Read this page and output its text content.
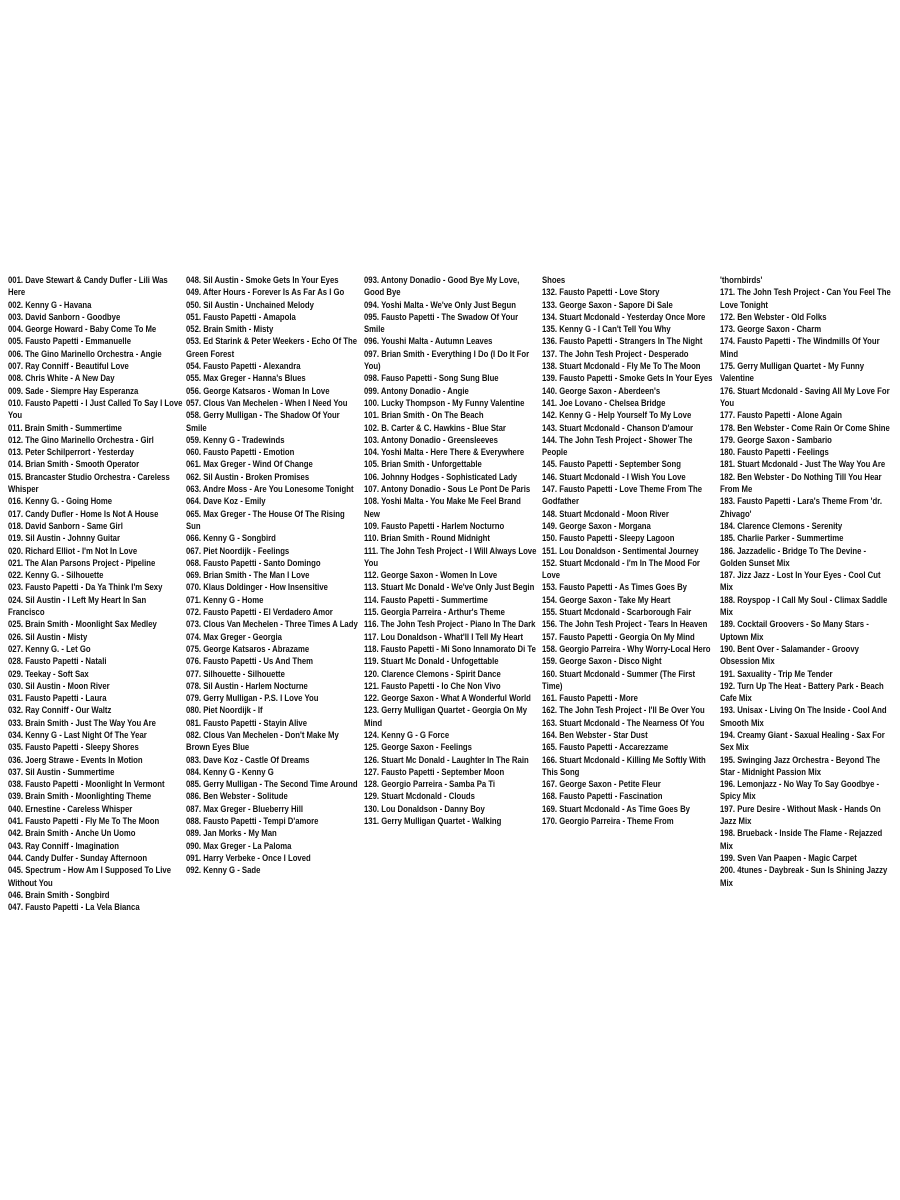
001. Dave Stewart & Candy Dufler - Lili Was Here
002. Kenny G - Havana
003. David Sanborn - Goodbye
004. George Howard - Baby Come To Me
005. Fausto Papetti - Emmanuelle
006. The Gino Marinello Orchestra - Angie
007. Ray Conniff - Beautiful Love
008. Chris White - A New Day
009. Sade - Siempre Hay Esperanza
010. Fausto Papetti - I Just Called To Say I Love You
011. Brain Smith - Summertime
012. The Gino Marinello Orchestra - Girl
013. Peter Schilperrort - Yesterday
014. Brian Smith - Smooth Operator
015. Brancaster Studio Orchestra - Careless Whisper
016. Kenny G. - Going Home
017. Candy Dufler - Home Is Not A House
018. David Sanborn - Same Girl
019. Sil Austin - Johnny Guitar
020. Richard Elliot - I'm Not In Love
021. The Alan Parsons Project - Pipeline
022. Kenny G. - Silhouette
023. Fausto Papetti - Da Ya Think I'm Sexy
024. Sil Austin - I Left My Heart In San Francisco
025. Brain Smith - Moonlight Sax Medley
026. Sil Austin - Misty
027. Kenny G. - Let Go
028. Fausto Papetti - Natali
029. Teekay - Soft Sax
030. Sil Austin - Moon River
031. Fausto Papetti - Laura
032. Ray Conniff - Our Waltz
033. Brain Smith - Just The Way You Are
034. Kenny G - Last Night Of The Year
035. Fausto Papetti - Sleepy Shores
036. Joerg Strawe - Events In Motion
037. Sil Austin - Summertime
038. Fausto Papetti - Moonlight In Vermont
039. Brain Smith - Moonlighting Theme
040. Ernestine - Careless Whisper
041. Fausto Papetti - Fly Me To The Moon
042. Brain Smith - Anche Un Uomo
043. Ray Conniff - Imagination
044. Candy Dulfer - Sunday Afternoon
045. Spectrum - How Am I Supposed To Live Without You
046. Brain Smith - Songbird
047. Fausto Papetti - La Vela Bianca
048. Sil Austin - Smoke Gets In Your Eyes
049. After Hours - Forever Is As Far As I Go
050. Sil Austin - Unchained Melody
051. Fausto Papetti - Amapola
052. Brain Smith - Misty
053. Ed Starink & Peter Weekers - Echo Of The Green Forest
054. Fausto Papetti - Alexandra
055. Max Greger - Hanna's Blues
056. George Katsaros - Woman In Love
057. Clous Van Mechelen - When I Need You
058. Gerry Mulligan - The Shadow Of Your Smile
059. Kenny G - Tradewinds
060. Fausto Papetti - Emotion
061. Max Greger - Wind Of Change
062. Sil Austin - Broken Promises
063. Andre Moss - Are You Lonesome Tonight
064. Dave Koz - Emily
065. Max Greger - The House Of The Rising Sun
066. Kenny G - Songbird
067. Piet Noordijk - Feelings
068. Fausto Papetti - Santo Domingo
069. Brian Smith - The Man I Love
070. Klaus Doldinger - How Insensitive
071. Kenny G - Home
072. Fausto Papetti - El Verdadero Amor
073. Clous Van Mechelen - Three Times A Lady
074. Max Greger - Georgia
075. George Katsaros - Abrazame
076. Fausto Papetti - Us And Them
077. Silhouette - Silhouette
078. Sil Austin - Harlem Nocturne
079. Gerry Mulligan - P.S. I Love You
080. Piet Noordijk - If
081. Fausto Papetti - Stayin Alive
082. Clous Van Mechelen - Don't Make My Brown Eyes Blue
083. Dave Koz - Castle Of Dreams
084. Kenny G - Kenny G
085. Gerry Mulligan - The Second Time Around
086. Ben Webster - Solitude
087. Max Greger - Blueberry Hill
088. Fausto Papetti - Tempi D'amore
089. Jan Morks - My Man
090. Max Greger - La Paloma
091. Harry Verbeke - Once I Loved
092. Kenny G - Sade
093. Antony Donadio - Good Bye My Love, Good Bye
094. Yoshi Malta - We've Only Just Begun
095. Fausto Papetti - The Swadow Of Your Smile
096. Youshi Malta - Autumn Leaves
097. Brian Smith - Everything I Do (I Do It For You)
098. Fauso Papetti - Song Sung Blue
099. Antony Donadio - Angie
100. Lucky Thompson - My Funny Valentine
101. Brian Smith - On The Beach
102. B. Carter & C. Hawkins - Blue Star
103. Antony Donadio - Greensleeves
104. Yoshi Malta - Here There & Everywhere
105. Brian Smith - Unforgettable
106. Johnny Hodges - Sophisticated Lady
107. Antony Donadio - Sous Le Pont De Paris
108. Yoshi Malta - You Make Me Feel Brand New
109. Fausto Papetti - Harlem Nocturno
110. Brian Smith - Round Midnight
111. The John Tesh Project - I Will Always Love You
112. George Saxon - Women In Love
113. Stuart Mc Donald - We've Only Just Begin
114. Fausto Papetti - Summertime
115. Georgia Parreira - Arthur's Theme
116. The John Tesh Project - Piano In The Dark
117. Lou Donaldson - What'll I Tell My Heart
118. Fausto Papetti - Mi Sono Innamorato Di Te
119. Stuart Mc Donald - Unfogettable
120. Clarence Clemons - Spirit Dance
121. Fausto Papetti - Io Che Non Vivo
122. George Saxon - What A Wonderful World
123. Gerry Mulligan Quartet - Georgia On My Mind
124. Kenny G - G Force
125. George Saxon - Feelings
126. Stuart Mc Donald - Laughter In The Rain
127. Fausto Papetti - September Moon
128. Georgio Parreira - Samba Pa Ti
129. Stuart Mcdonald - Clouds
130. Lou Donaldson - Danny Boy
131. Gerry Mulligan Quartet - Walking
Shoes
132. Fausto Papetti - Love Story
133. George Saxon - Sapore Di Sale
134. Stuart Mcdonald - Yesterday Once More
135. Kenny G - I Can't Tell You Why
136. Fausto Papetti - Strangers In The Night
137. The John Tesh Project - Desperado
138. Stuart Mcdonald - Fly Me To The Moon
139. Fausto Papetti - Smoke Gets In Your Eyes
140. George Saxon - Aberdeen's
141. Joe Lovano - Chelsea Bridge
142. Kenny G - Help Yourself To My Love
143. Stuart Mcdonald - Chanson D'amour
144. The John Tesh Project - Shower The People
145. Fausto Papetti - September Song
146. Stuart Mcdonald - I Wish You Love
147. Fausto Papetti - Love Theme From The Godfather
148. Stuart Mcdonald - Moon River
149. George Saxon - Morgana
150. Fausto Papetti - Sleepy Lagoon
151. Lou Donaldson - Sentimental Journey
152. Stuart Mcdonald - I'm In The Mood For Love
153. Fausto Papetti - As Times Goes By
154. George Saxon - Take My Heart
155. Stuart Mcdonald - Scarborough Fair
156. The John Tesh Project - Tears In Heaven
157. Fausto Papetti - Georgia On My Mind
158. Georgio Parreira - Why Worry-Local Hero
159. George Saxon - Disco Night
160. Stuart Mcdonald - Summer (The First Time)
161. Fausto Papetti - More
162. The John Tesh Project - I'll Be Over You
163. Stuart Mcdonald - The Nearness Of You
164. Ben Webster - Star Dust
165. Fausto Papetti - Accarezzame
166. Stuart Mcdonald - Killing Me Softly With This Song
167. George Saxon - Petite Fleur
168. Fausto Papetti - Fascination
169. Stuart Mcdonald - As Time Goes By
170. Georgio Parreira - Theme From
'thornbirds'
171. The John Tesh Project - Can You Feel The Love Tonight
172. Ben Webster - Old Folks
173. George Saxon - Charm
174. Fausto Papetti - The Windmills Of Your Mind
175. Gerry Mulligan Quartet - My Funny Valentine
176. Stuart Mcdonald - Saving All My Love For You
177. Fausto Papetti - Alone Again
178. Ben Webster - Come Rain Or Come Shine
179. George Saxon - Sambario
180. Fausto Papetti - Feelings
181. Stuart Mcdonald - Just The Way You Are
182. Ben Webster - Do Nothing Till You Hear From Me
183. Fausto Papetti - Lara's Theme From 'dr. Zhivago'
184. Clarence Clemons - Serenity
185. Charlie Parker - Summertime
186. Jazzadelic - Bridge To The Devine - Golden Sunset Mix
187. Jizz Jazz - Lost In Your Eyes - Cool Cut Mix
188. Royspop - I Call My Soul - Climax Saddle Mix
189. Cocktail Groovers - So Many Stars - Uptown Mix
190. Bent Over - Salamander - Groovy Obsession Mix
191. Saxuality - Trip Me Tender
192. Turn Up The Heat - Battery Park - Beach Cafe Mix
193. Unisax - Living On The Inside - Cool And Smooth Mix
194. Creamy Giant - Saxual Healing - Sax For Sex Mix
195. Swinging Jazz Orchestra - Beyond The Star - Midnight Passion Mix
196. Lemonjazz - No Way To Say Goodbye - Spicy Mix
197. Pure Desire - Without Mask - Hands On Jazz Mix
198. Brueback - Inside The Flame - Rejazzed Mix
199. Sven Van Paapen - Magic Carpet
200. 4tunes - Daybreak - Sun Is Shining Jazzy Mix
